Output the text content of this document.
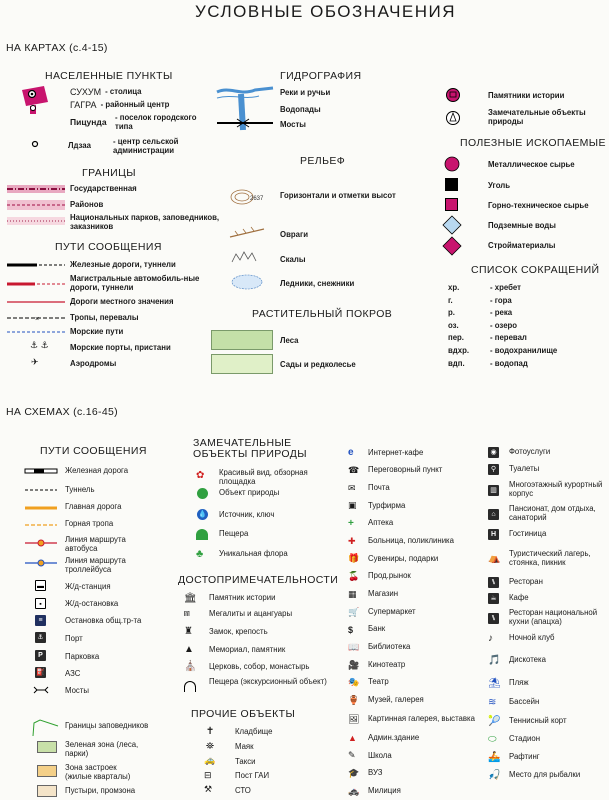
УСЛОВНЫЕ ОБОЗНАЧЕНИЯ
НА КАРТАХ (с.4-15)
НАСЕЛЕННЫЕ ПУНКТЫ
СУХУМ - столица
ГАГРА - районный центр
Пицунда - поселок городского типа
Лдзаа	- центр сельской администрации
ГРАНИЦЫ
Государственная
Районов
Национальных парков, заповедников, заказников
ПУТИ СООБЩЕНИЯ
Железные дороги, туннели
Магистральные автомобиль-ные дороги, туннели
Дороги местного значения
×	Тропы, перевалы
Морские пути
⚓ ⚓	Морские порты, пристани
✈	Аэродромы
ГИДРОГРАФИЯ
Реки и ручьи
Водопады
Мосты
РЕЛЬЕФ
2637 Горизонтали и отметки высот
Овраги
Скалы
Ледники, снежники
РАСТИТЕЛЬНЫЙ ПОКРОВ
Леса
Сады и редколесье
Памятники истории
Замечательные объекты природы
ПОЛЕЗНЫЕ ИСКОПАЕМЫЕ
Металлическое сырье
Уголь
Горно-техническое сырье
Подземные воды
Стройматериалы
СПИСОК СОКРАЩЕНИЙ
хр.	- хребет
г.	- гора
р.	- река
оз.	- озеро
пер.	- перевал
вдхр.	- водохранилище
вдп.	- водопад
НА СХЕМАХ (с.16-45)
ПУТИ СООБЩЕНИЯ
Железная дорога
Туннель
Главная дорога
Горная тропа
Линия маршрута автобуса
Линия маршрута троллейбуса
▬	Ж/д-станция
▪	Ж/д-остановка
≡	Остановка общ.тр-та
⚓	Порт
P	Парковка
⛽	АЗС
Мосты
Границы заповедников
Зеленая зона (леса, парки)
Зона застроек (жилые кварталы)
Пустыри, промзона
ЗАМЕЧАТЕЛЬНЫЕ ОБЪЕКТЫ ПРИРОДЫ
✿ Красивый вид, обзорная площадка
Объект природы
💧 Источник, ключ
Пещера
♣ Уникальная флора
ДОСТОПРИМЕЧАТЕЛЬНОСТИ
🏛 Памятник истории
⩎ Мегалиты и ацангуары
♜ Замок, крепость
▲ Мемориал, памятник
⛪ Церковь, собор, монастырь
Пещера (экскурсионный объект)
ПРОЧИЕ ОБЪЕКТЫ
✝	Кладбище
⛯	Маяк
🚕	Такси
⊟	Пост ГАИ
⚒	СТО
e	Интернет-кафе
☎	Переговорный пункт
✉	Почта
▣	Турфирма
+	Аптека
✚	Больница, поликлиника
🎁	Сувениры, подарки
🍒	Прод.рынок
▦	Магазин
🛒	Супермаркет
$	Банк
📖	Библиотека
🎥	Кинотеатр
🎭	Театр
🏺	Музей, галерея
🖼	Картинная галерея, выставка
▲	Админ.здание
✎	Школа
🎓	ВУЗ
🚓	Милиция
◉	Фотоуслуги
⚲	Туалеты
▥
Многоэтажный курортный корпус
⌂
Пансионат, дом отдыха, санаторий
H	Гостиница
⛺	Туристический лагерь, стоянка, пикник
⑊	Ресторан
☕	Кафе
⑊
Ресторан национальной кухни (апацха)
♪	Ночной клуб
🎵	Дискотека
⛱	Пляж
≋	Бассейн
🎾	Теннисный корт
⬭	Стадион
🚣	Рафтинг
🎣	Место для рыбалки
